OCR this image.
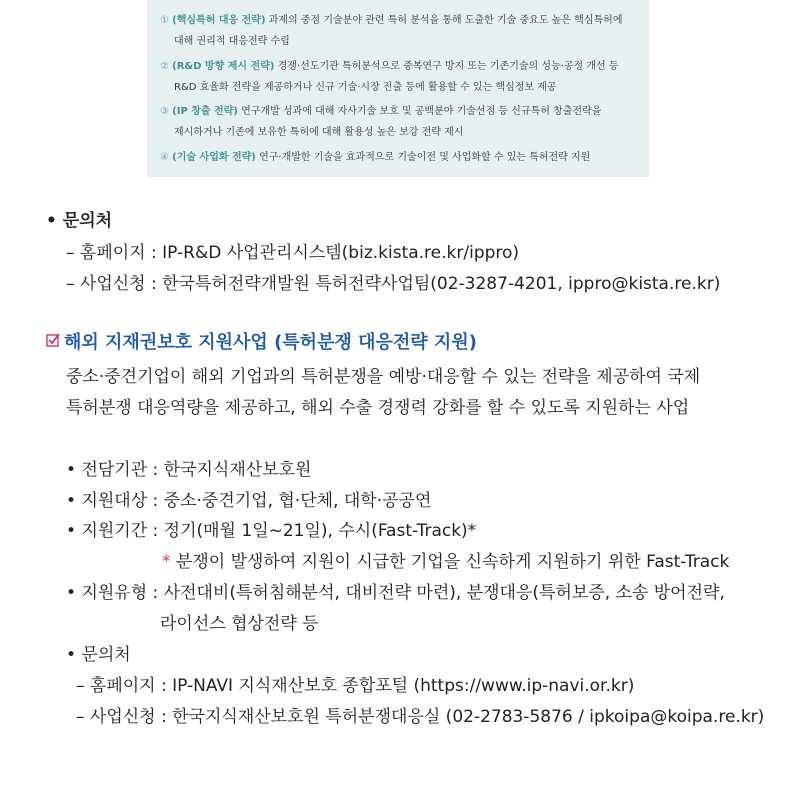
① (핵심특허 대응 전략) 과제의 중점 기술분야 관련 특허 분석을 통해 도출한 기술 중요도 높은 핵심특허에
대해 권리적 대응전략 수립
② (R&D 방향 제시 전략) 경쟁·선도기관 특허분석으로 중복연구 방지 또는 기존기술의 성능·공정 개선 등
R&D 효율화 전략을 제공하거나 신규 기술·시장 진출 등에 활용할 수 있는 핵심정보 제공
③ (IP 창출 전략) 연구개발 성과에 대해 자사기술 보호 및 공백분야 기술선점 등 신규특허 창출전략을
제시하거나 기존에 보유한 특허에 대해 활용성 높은 보강 전략 제시
④ (기술 사업화 전략) 연구·개발한 기술을 효과적으로 기술이전 및 사업화할 수 있는 특허전략 지원
• 문의처
– 홈페이지 : IP-R&D 사업관리시스템(biz.kista.re.kr/ippro)
– 사업신청 : 한국특허전략개발원 특허전략사업팀(02-3287-4201, ippro@kista.re.kr)
해외 지재권보호 지원사업 (특허분쟁 대응전략 지원)
중소·중견기업이 해외 기업과의 특허분쟁을 예방·대응할 수 있는 전략을 제공하여 국제
특허분쟁 대응역량을 제공하고, 해외 수출 경쟁력 강화를 할 수 있도록 지원하는 사업
• 전담기관 : 한국지식재산보호원
• 지원대상 : 중소·중견기업, 협·단체, 대학·공공연
• 지원기간 : 정기(매월 1일~21일), 수시(Fast-Track)*
* 분쟁이 발생하여 지원이 시급한 기업을 신속하게 지원하기 위한 Fast-Track
• 지원유형 : 사전대비(특허침해분석, 대비전략 마련), 분쟁대응(특허보증, 소송 방어전략,
라이선스 협상전략 등
• 문의처
– 홈페이지 : IP-NAVI 지식재산보호 종합포털 (https://www.ip-navi.or.kr)
– 사업신청 : 한국지식재산보호원 특허분쟁대응실 (02-2783-5876 / ipkoipa@koipa.re.kr)
